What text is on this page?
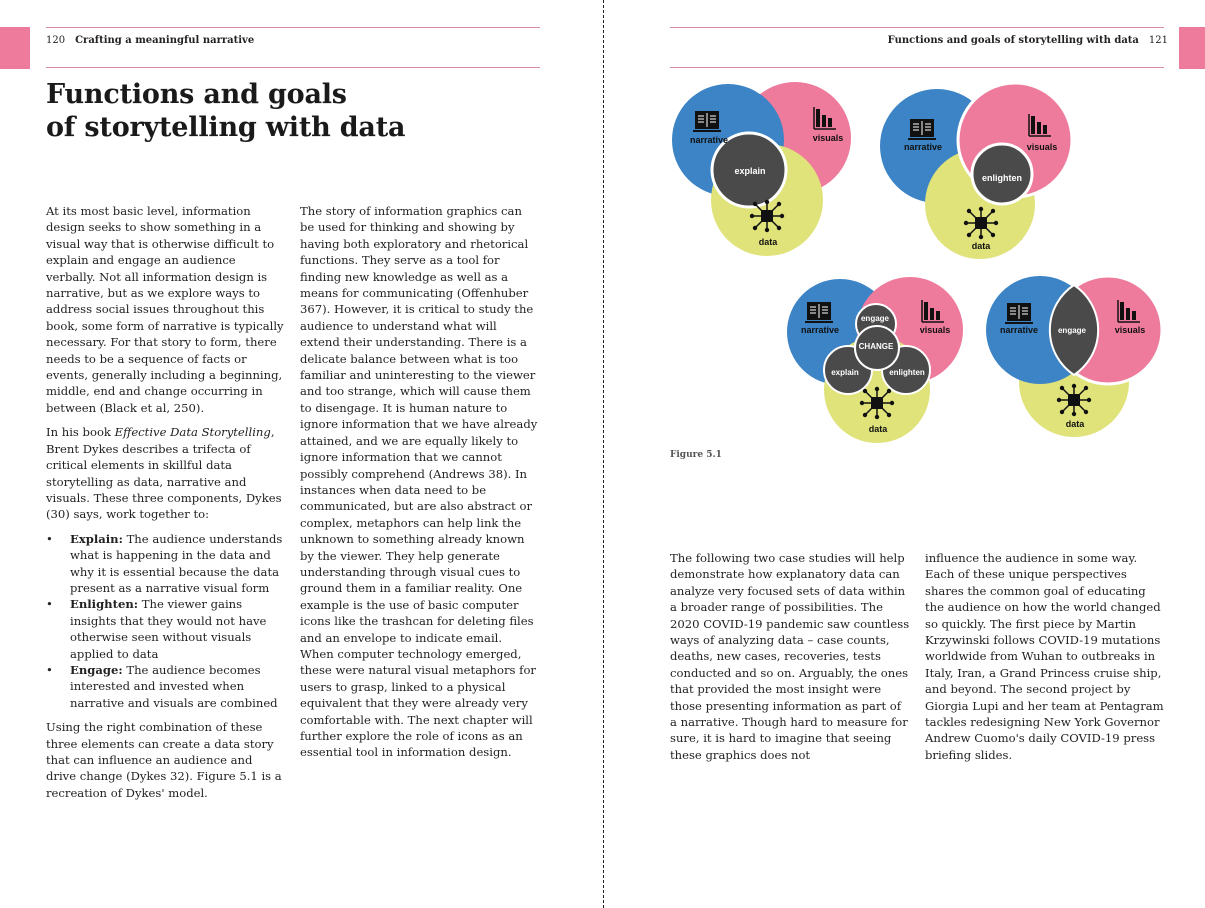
120 Crafting a meaningful narrative
Functions and goals
of storytelling with data

At its most basic level, information design seeks to show something in a visual way that is otherwise difficult to explain and engage an audience verbally. Not all information design is narrative, but as we explore ways to address social issues throughout this book, some form of narrative is typically necessary. For that story to form, there needs to be a sequence of facts or events, generally including a beginning, middle, end and change occurring in between (Black et al, 250).

In his book Effective Data Storytelling, Brent Dykes describes a trifecta of critical elements in skillful data storytelling as data, narrative and visuals. These three components, Dykes (30) says, work together to:

• Explain: The audience understands what is happening in the data and why it is essential because the data present as a narrative visual form
• Enlighten: The viewer gains insights that they would not have otherwise seen without visuals applied to data
• Engage: The audience becomes interested and invested when narrative and visuals are combined

Using the right combination of these three elements can create a data story that can influence an audience and drive change (Dykes 32). Figure 5.1 is a recreation of Dykes' model.

The story of information graphics can be used for thinking and showing by having both exploratory and rhetorical functions. They serve as a tool for finding new knowledge as well as a means for communicating (Offenhuber 367). However, it is critical to study the audience to understand what will extend their understanding. There is a delicate balance between what is too familiar and uninteresting to the viewer and too strange, which will cause them to disengage. It is human nature to ignore information that we have already attained, and we are equally likely to ignore information that we cannot possibly comprehend (Andrews 38). In instances when data need to be communicated, but are also abstract or complex, metaphors can help link the unknown to something already known by the viewer. They help generate understanding through visual cues to ground them in a familiar reality. One example is the use of basic computer icons like the trashcan for deleting files and an envelope to indicate email. When computer technology emerged, these were natural visual metaphors for users to grasp, linked to a physical equivalent that they were already very comfortable with. The next chapter will further explore the role of icons as an essential tool in information design.

Functions and goals of storytelling with data 121
narrative	visuals
explain
data
narrative	visuals
enlighten
data
narrative	visuals
engage
CHANGE
explain	enlighten
data
narrative	visuals
engage
data
Figure 5.1

The following two case studies will help demonstrate how explanatory data can analyze very focused sets of data within a broader range of possibilities. The 2020 COVID-19 pandemic saw countless ways of analyzing data – case counts, deaths, new cases, recoveries, tests conducted and so on. Arguably, the ones that provided the most insight were those presenting information as part of a narrative. Though hard to measure for sure, it is hard to imagine that seeing these graphics does not

influence the audience in some way. Each of these unique perspectives shares the common goal of educating the audience on how the world changed so quickly. The first piece by Martin Krzywinski follows COVID-19 mutations worldwide from Wuhan to outbreaks in Italy, Iran, a Grand Princess cruise ship, and beyond. The second project by Giorgia Lupi and her team at Pentagram tackles redesigning New York Governor Andrew Cuomo's daily COVID-19 press briefing slides.
